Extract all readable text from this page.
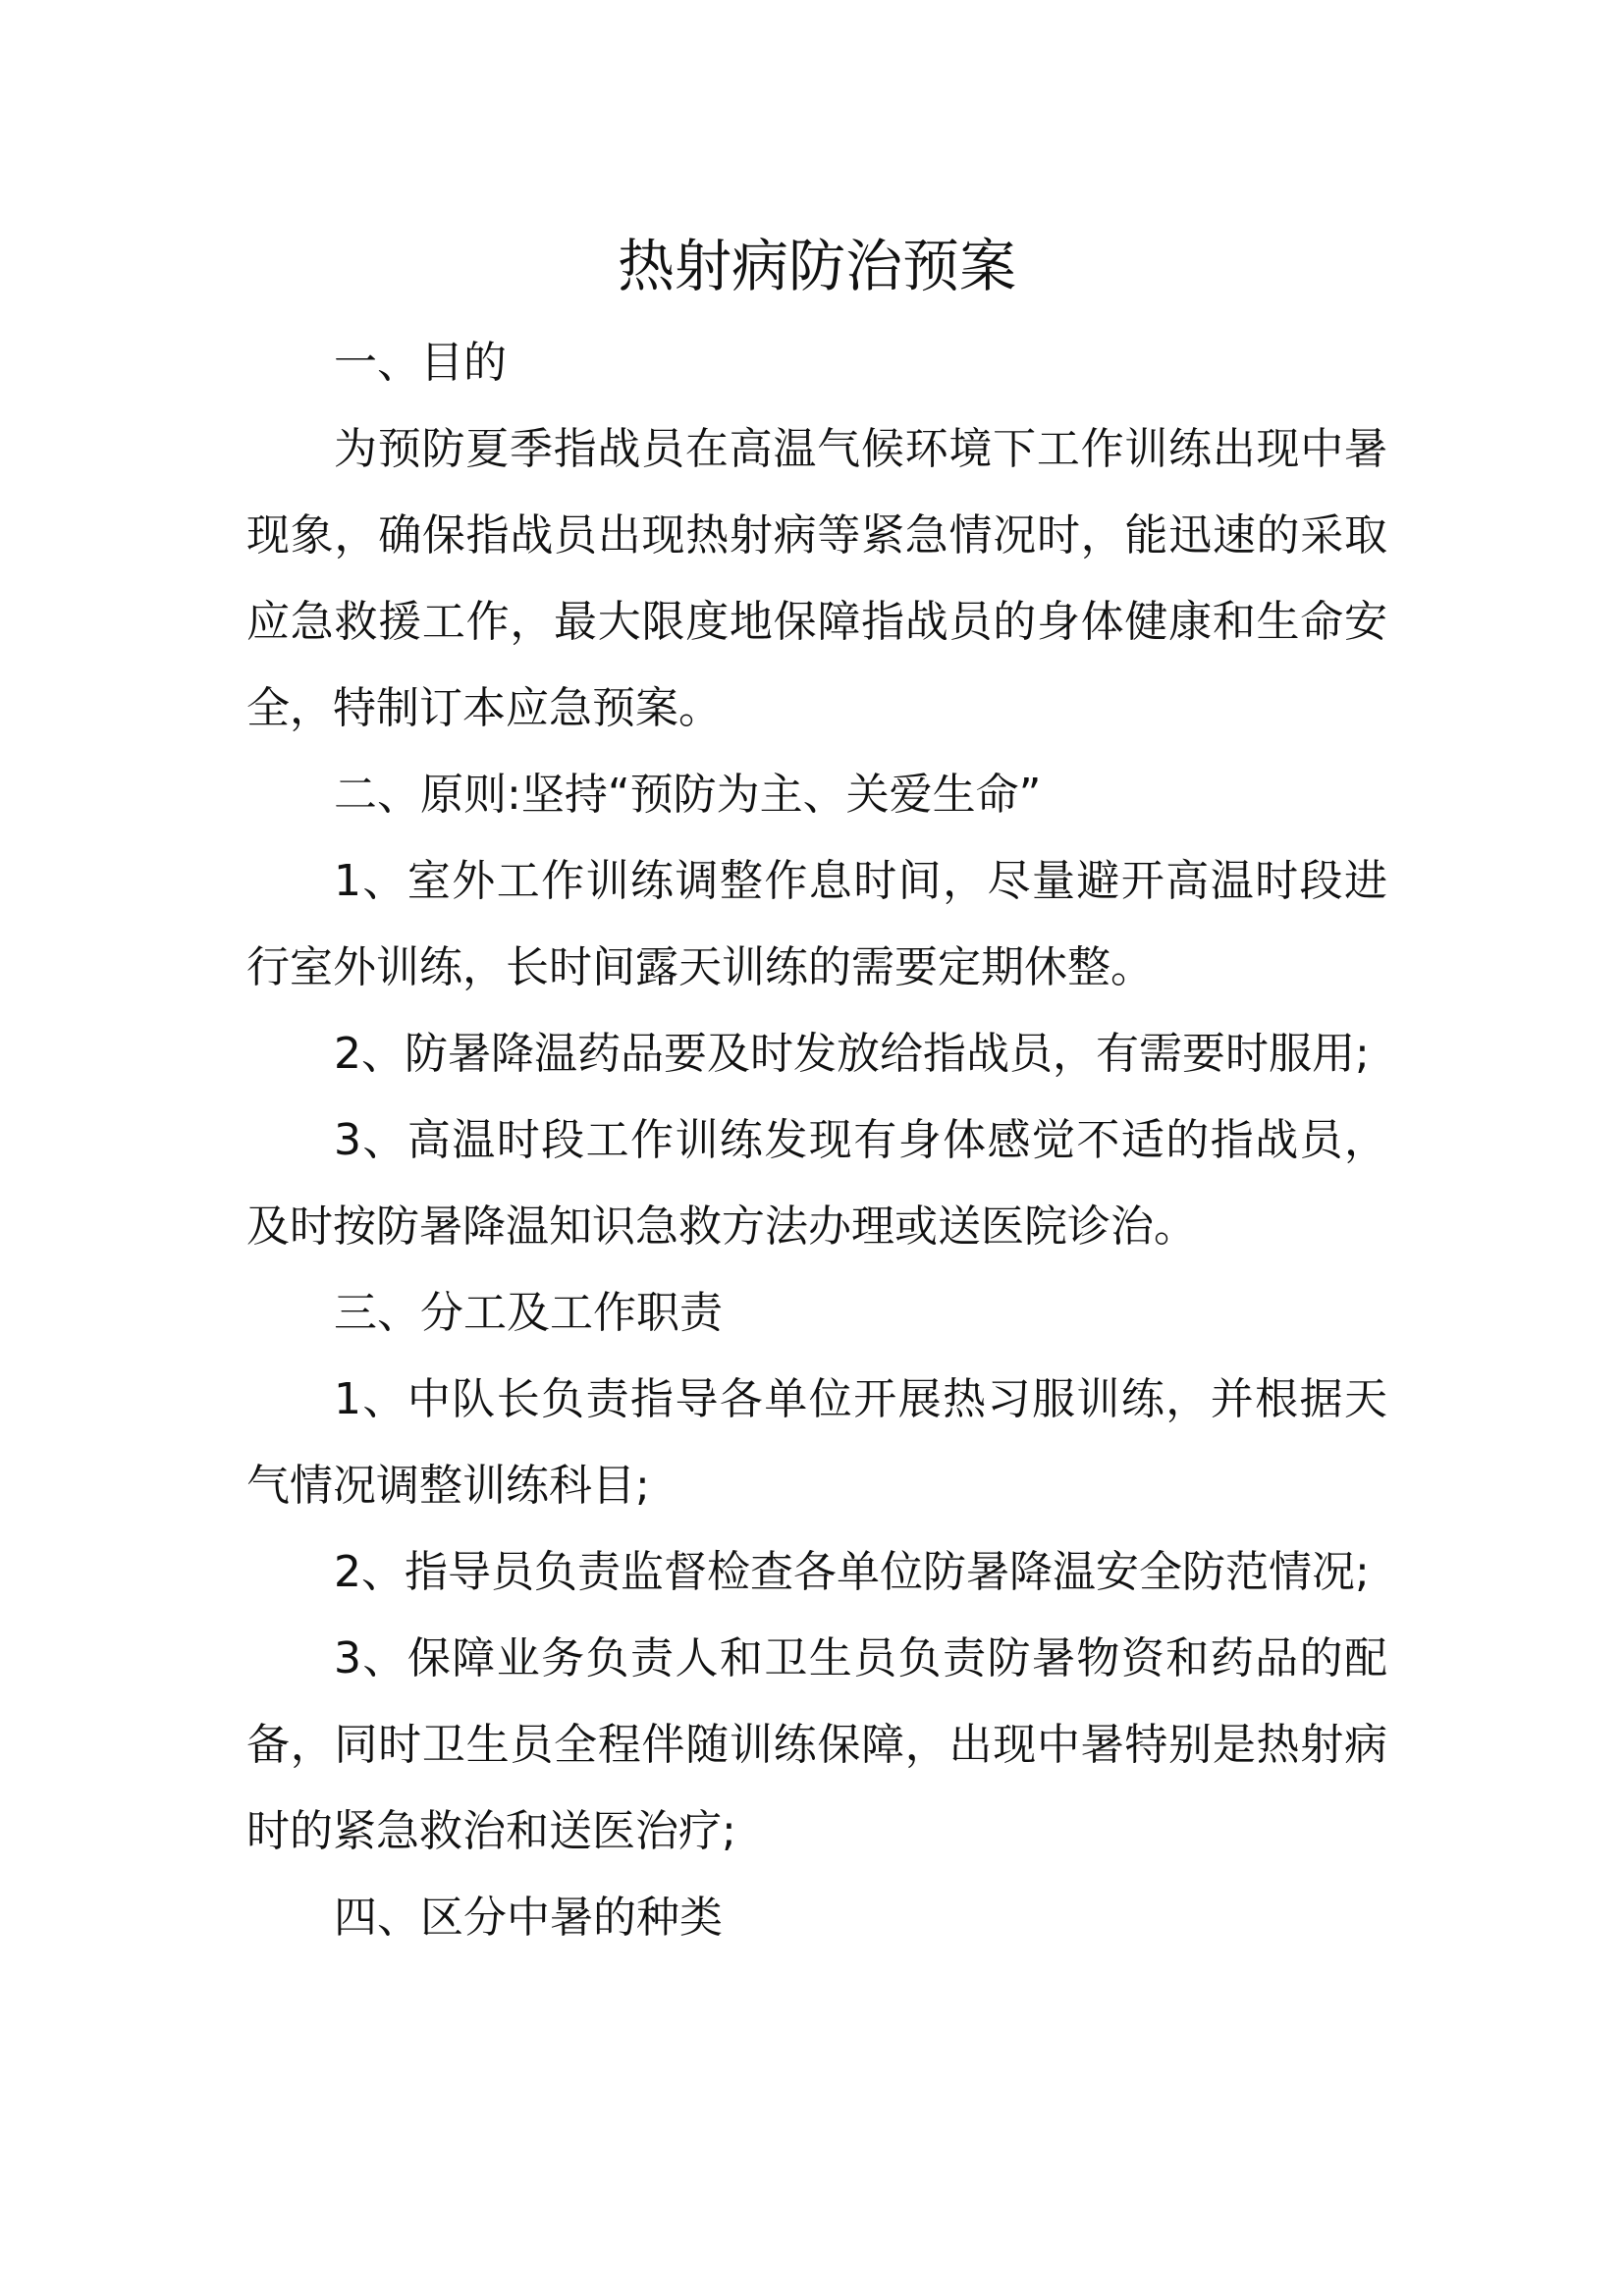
热射病防治预案

一、目的

为预防夏季指战员在高温气候环境下工作训练出现中暑现象，确保指战员出现热射病等紧急情况时，能迅速的采取应急救援工作，最大限度地保障指战员的身体健康和生命安全，特制订本应急预案。

二、原则:坚持“预防为主、关爱生命”

1、室外工作训练调整作息时间，尽量避开高温时段进行室外训练，长时间露天训练的需要定期休整。

2、防暑降温药品要及时发放给指战员，有需要时服用;

3、高温时段工作训练发现有身体感觉不适的指战员，及时按防暑降温知识急救方法办理或送医院诊治。

三、分工及工作职责

1、中队长负责指导各单位开展热习服训练，并根据天气情况调整训练科目;

2、指导员负责监督检查各单位防暑降温安全防范情况;

3、保障业务负责人和卫生员负责防暑物资和药品的配备，同时卫生员全程伴随训练保障，出现中暑特别是热射病时的紧急救治和送医治疗;

四、区分中暑的种类
